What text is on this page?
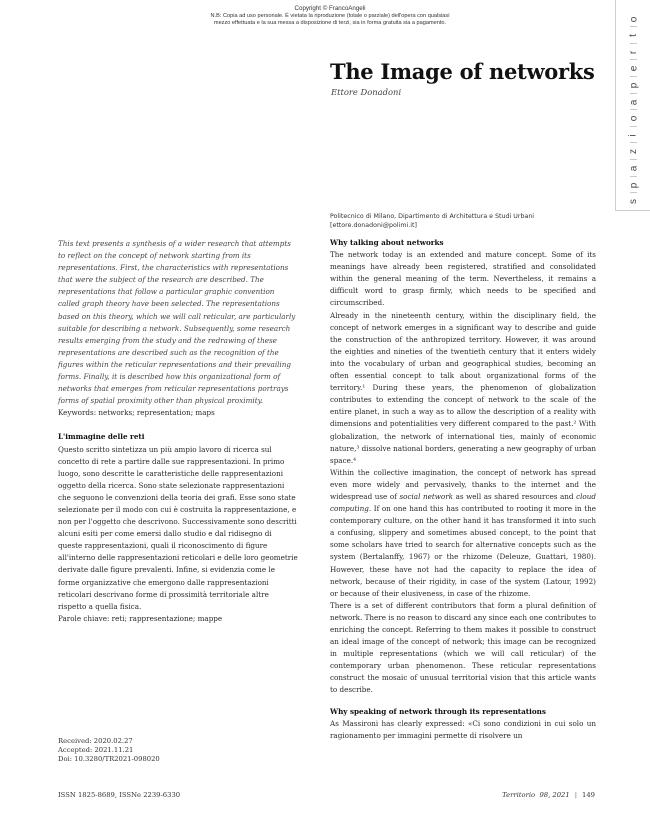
Copyright © FrancoAngeli
N.B: Copia ad uso personale. È vietata la riproduzione (totale o parziale) dell'opera con qualsiasi
mezzo effettuata e la sua messa a disposizione di terzi, sia in forma gratuita sia a pagamento.
o
t
r
e
p
a
o
i
z
a
p
s
The Image of networks
Ettore Donadoni
Politecnico di Milano, Dipartimento di Architettura e Studi Urbani
[ettore.donadoni@polimi.it]

This text presents a synthesis of a wider research that attempts to reflect on the concept of network starting from its representations. First, the characteristics with representations that were the subject of the research are described. The representations that follow a particular graphic convention called graph theory have been selected. The representations based on this theory, which we will call reticular, are particularly suitable for describing a network. Subsequently, some research results emerging from the study and the redrawing of these representations are described such as the recognition of the figures within the reticular representations and their prevailing forms. Finally, it is described how this organizational form of networks that emerges from reticular representations portrays forms of spatial proximity other than physical proximity.

Keywords: networks; representation; maps

L'immagine delle reti

Questo scritto sintetizza un più ampio lavoro di ricerca sul concetto di rete a partire dalle sue rappresentazioni. In primo luogo, sono descritte le caratteristiche delle rappresentazioni oggetto della ricerca. Sono state selezionate rappresentazioni che seguono le convenzioni della teoria dei grafi. Esse sono state selezionate per il modo con cui è costruita la rappresentazione, e non per l'oggetto che descrivono. Successivamente sono descritti alcuni esiti per come emersi dallo studio e dal ridisegno di queste rappresentazioni, quali il riconoscimento di figure all'interno delle rappresentazioni reticolari e delle loro geometrie derivate dalle figure prevalenti. Infine, si evidenzia come le forme organizzative che emergono dalle rappresentazioni reticolari descrivano forme di prossimità territoriale altre rispetto a quella fisica.

Parole chiave: reti; rappresentazione; mappe

Why talking about networks

The network today is an extended and mature concept. Some of its meanings have already been registered, stratified and consolidated within the general meaning of the term. Nevertheless, it remains a difficult word to grasp firmly, which needs to be specified and circumscribed.

Already in the nineteenth century, within the disciplinary field, the concept of network emerges in a significant way to describe and guide the construction of the anthropized territory. However, it was around the eighties and nineties of the twentieth century that it enters widely into the vocabulary of urban and geographical studies, becoming an often essential concept to talk about organizational forms of the territory.¹ During these years, the phenomenon of globalization contributes to extending the concept of network to the scale of the entire planet, in such a way as to allow the description of a reality with dimensions and potentialities very different compared to the past.² With globalization, the network of international ties, mainly of economic nature,³ dissolve national borders, generating a new geography of urban space.⁴

Within the collective imagination, the concept of network has spread even more widely and pervasively, thanks to the internet and the widespread use of social network as well as shared resources and cloud computing. If on one hand this has contributed to rooting it more in the contemporary culture, on the other hand it has transformed it into such a confusing, slippery and sometimes abused concept, to the point that some scholars have tried to search for alternative concepts such as the system (Bertalanffy, 1967) or the rhizome (Deleuze, Guattari, 1980). However, these have not had the capacity to replace the idea of network, because of their rigidity, in case of the system (Latour, 1992) or because of their elusiveness, in case of the rhizome.

There is a set of different contributors that form a plural definition of network. There is no reason to discard any since each one contributes to enriching the concept. Referring to them makes it possible to construct an ideal image of the concept of network; this image can be recognized in multiple representations (which we will call reticular) of the contemporary urban phenomenon. These reticular representations construct the mosaic of unusual territorial vision that this article wants to describe.

Why speaking of network through its representations

As Massironi has clearly expressed: «Ci sono condizioni in cui solo un ragionamento per immagini permette di risolvere un

Received: 2020.02.27

Accepted: 2021.11.21

Doi: 10.3280/TR2021-098020

ISSN 1825-8689, ISSNe 2239-6330	Territorio 98, 2021 | 149
